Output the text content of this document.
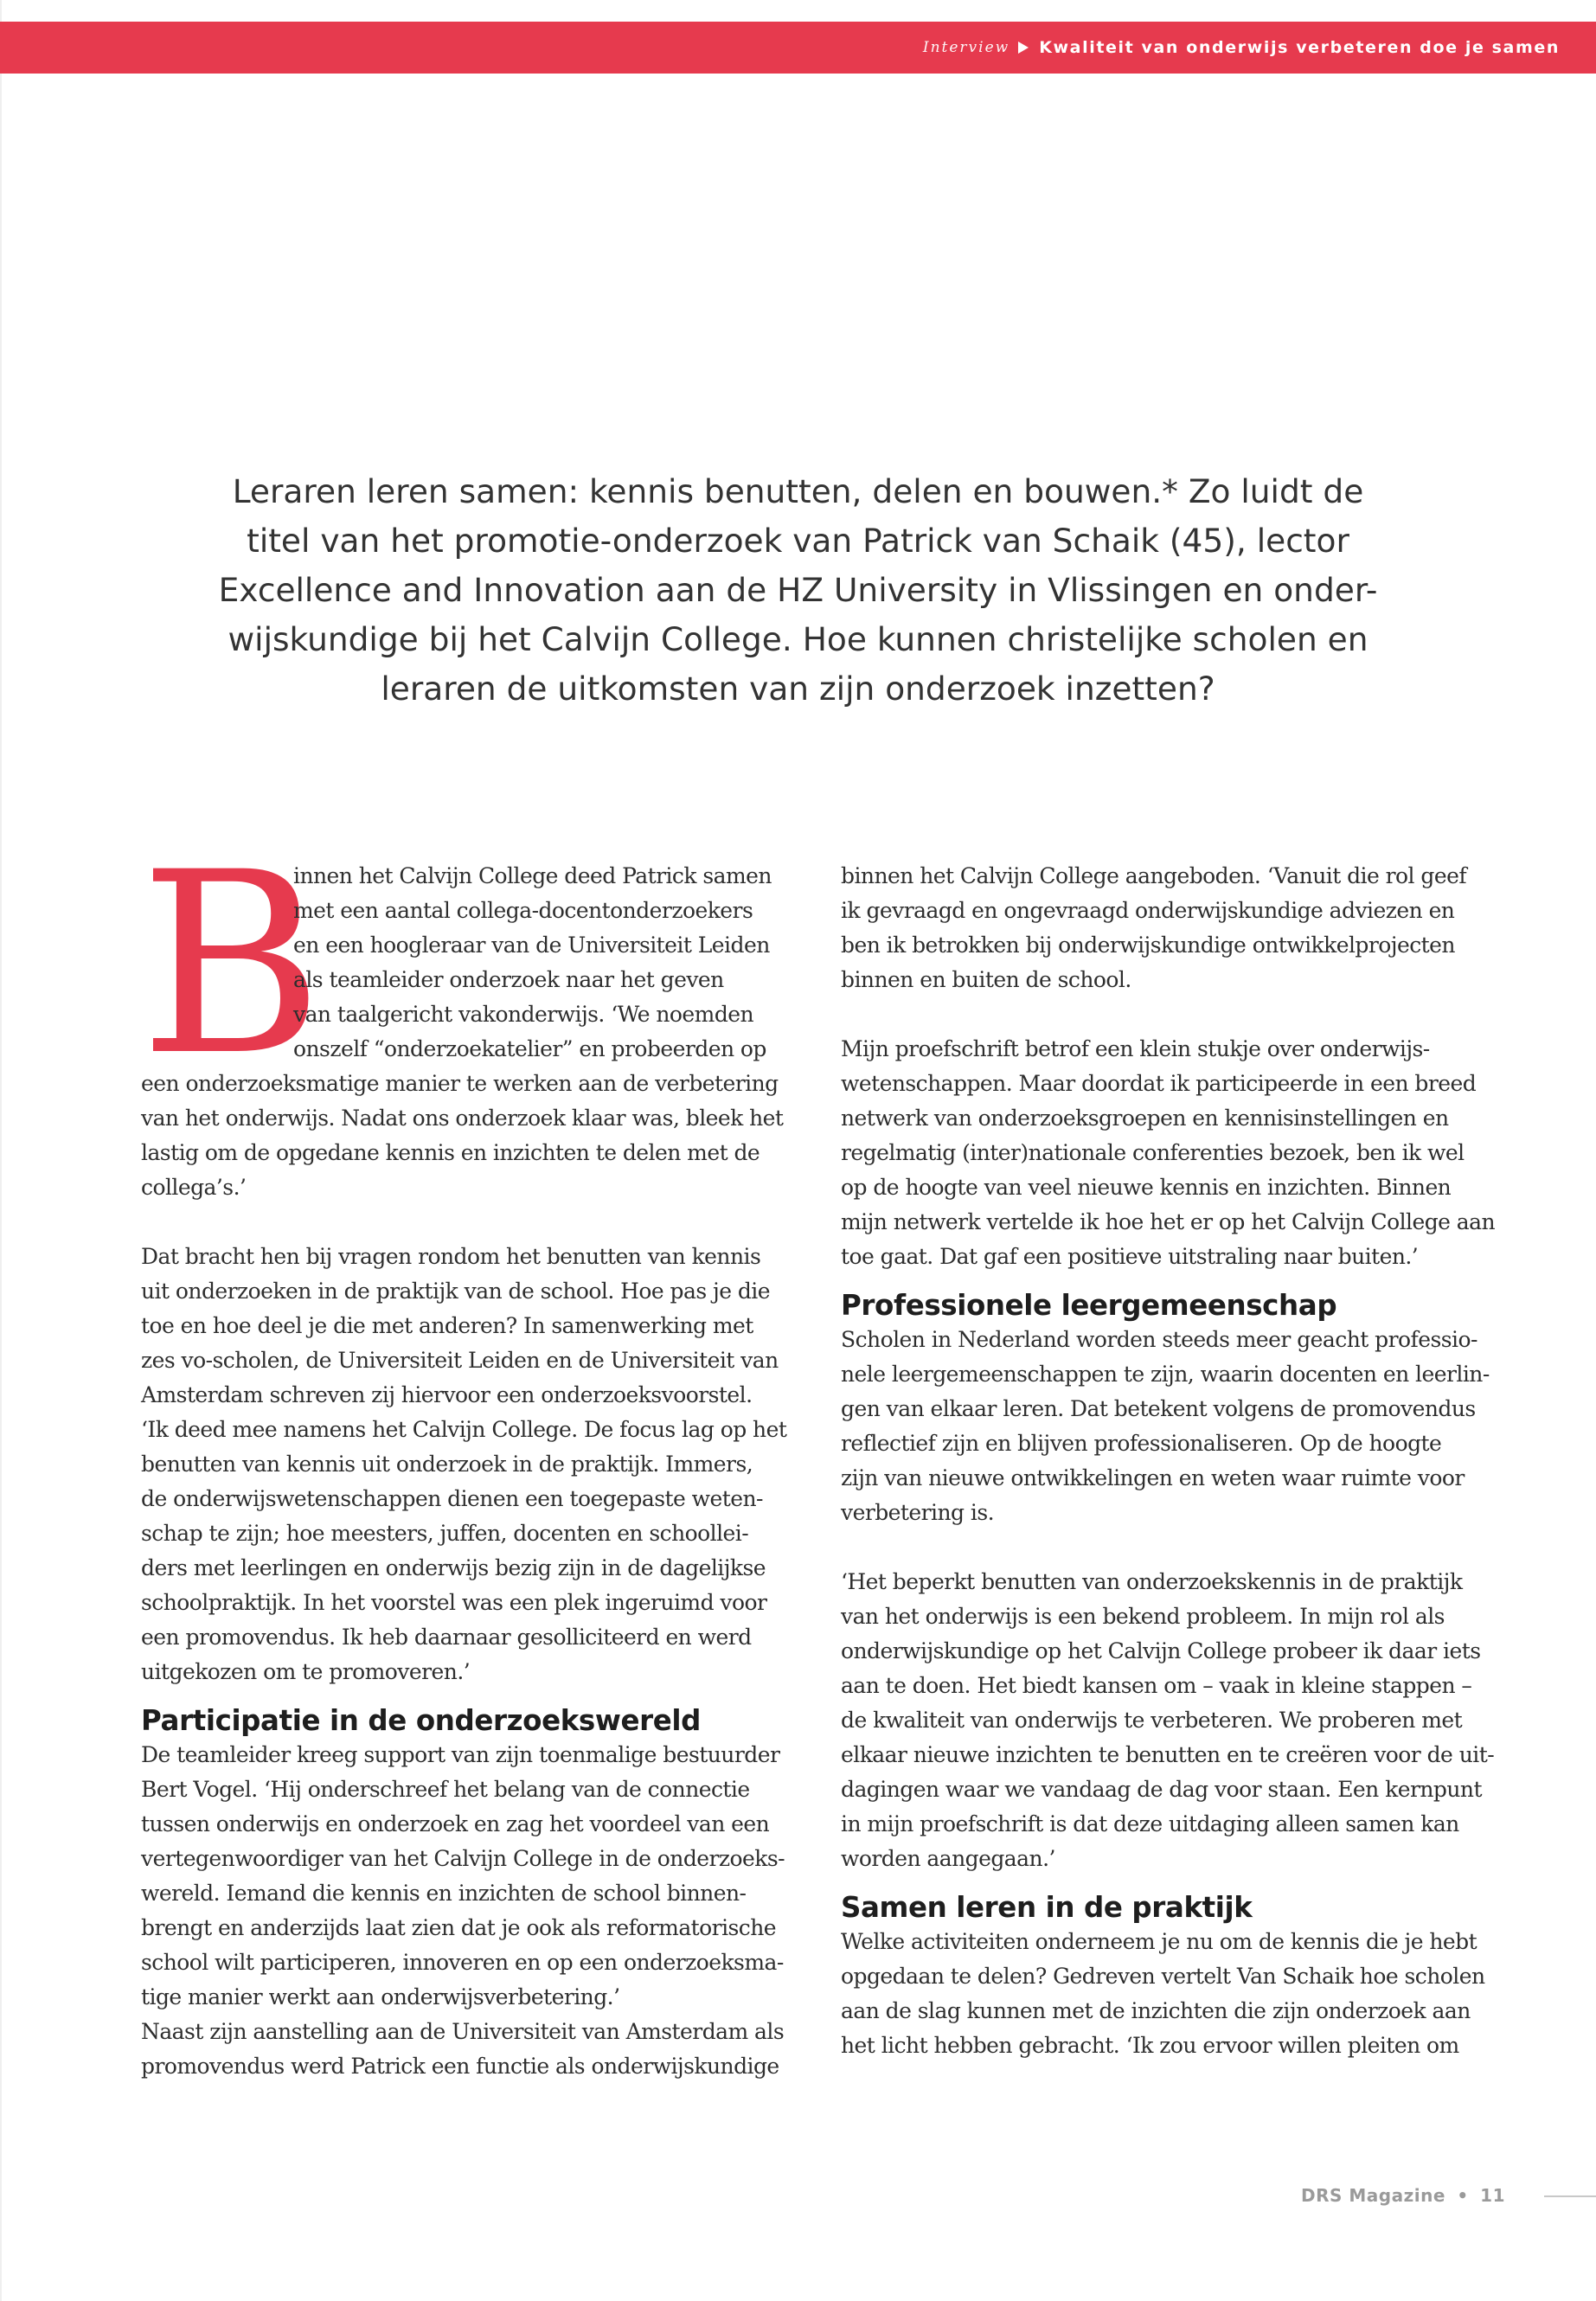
Interview Kwaliteit van onderwijs verbeteren doe je samen
Leraren leren samen: kennis benutten, delen en bouwen.* Zo luidt de
titel van het promotie-onderzoek van Patrick van Schaik (45), lector
Excellence and Innovation aan de HZ University in Vlissingen en onder-
wijskundige bij het Calvijn College. Hoe kunnen christelijke scholen en
leraren de uitkomsten van zijn onderzoek inzetten?
B
innen het Calvijn College deed Patrick samen
met een aantal collega-docentonderzoekers
en een hoogleraar van de Universiteit Leiden
als teamleider onderzoek naar het geven
van taalgericht vakonderwijs. ‘We noemden
onszelf “onderzoekatelier” en probeerden op
een onderzoeksmatige manier te werken aan de verbetering
van het onderwijs. Nadat ons onderzoek klaar was, bleek het
lastig om de opgedane kennis en inzichten te delen met de
collega’s.’
Dat bracht hen bij vragen rondom het benutten van kennis
uit onderzoeken in de praktijk van de school. Hoe pas je die
toe en hoe deel je die met anderen? In samenwerking met
zes vo-scholen, de Universiteit Leiden en de Universiteit van
Amsterdam schreven zij hiervoor een onderzoeksvoorstel.
‘Ik deed mee namens het Calvijn College. De focus lag op het
benutten van kennis uit onderzoek in de praktijk. Immers,
de onderwijswetenschappen dienen een toegepaste weten-
schap te zijn; hoe meesters, juffen, docenten en schoollei-
ders met leerlingen en onderwijs bezig zijn in de dagelijkse
schoolpraktijk. In het voorstel was een plek ingeruimd voor
een promovendus. Ik heb daarnaar gesolliciteerd en werd
uitgekozen om te promoveren.’
Participatie in de onderzoekswereld
De teamleider kreeg support van zijn toenmalige bestuurder
Bert Vogel. ‘Hij onderschreef het belang van de connectie
tussen onderwijs en onderzoek en zag het voordeel van een
vertegenwoordiger van het Calvijn College in de onderzoeks-
wereld. Iemand die kennis en inzichten de school binnen-
brengt en anderzijds laat zien dat je ook als reformatorische
school wilt participeren, innoveren en op een onderzoeksma-
tige manier werkt aan onderwijsverbetering.’
Naast zijn aanstelling aan de Universiteit van Amsterdam als
promovendus werd Patrick een functie als onderwijskundige
binnen het Calvijn College aangeboden. ‘Vanuit die rol geef
ik gevraagd en ongevraagd onderwijskundige adviezen en
ben ik betrokken bij onderwijskundige ontwikkelprojecten
binnen en buiten de school.
Mijn proefschrift betrof een klein stukje over onderwijs-
wetenschappen. Maar doordat ik participeerde in een breed
netwerk van onderzoeksgroepen en kennisinstellingen en
regelmatig (inter)nationale conferenties bezoek, ben ik wel
op de hoogte van veel nieuwe kennis en inzichten. Binnen
mijn netwerk vertelde ik hoe het er op het Calvijn College aan
toe gaat. Dat gaf een positieve uitstraling naar buiten.’
Professionele leergemeenschap
Scholen in Nederland worden steeds meer geacht professio-
nele leergemeenschappen te zijn, waarin docenten en leerlin-
gen van elkaar leren. Dat betekent volgens de promovendus
reflectief zijn en blijven professionaliseren. Op de hoogte
zijn van nieuwe ontwikkelingen en weten waar ruimte voor
verbetering is.
‘Het beperkt benutten van onderzoekskennis in de praktijk
van het onderwijs is een bekend probleem. In mijn rol als
onderwijskundige op het Calvijn College probeer ik daar iets
aan te doen. Het biedt kansen om – vaak in kleine stappen –
de kwaliteit van onderwijs te verbeteren. We proberen met
elkaar nieuwe inzichten te benutten en te creëren voor de uit-
dagingen waar we vandaag de dag voor staan. Een kernpunt
in mijn proefschrift is dat deze uitdaging alleen samen kan
worden aangegaan.’
Samen leren in de praktijk
Welke activiteiten onderneem je nu om de kennis die je hebt
opgedaan te delen? Gedreven vertelt Van Schaik hoe scholen
aan de slag kunnen met de inzichten die zijn onderzoek aan
het licht hebben gebracht. ‘Ik zou ervoor willen pleiten om
DRS Magazine • 11
